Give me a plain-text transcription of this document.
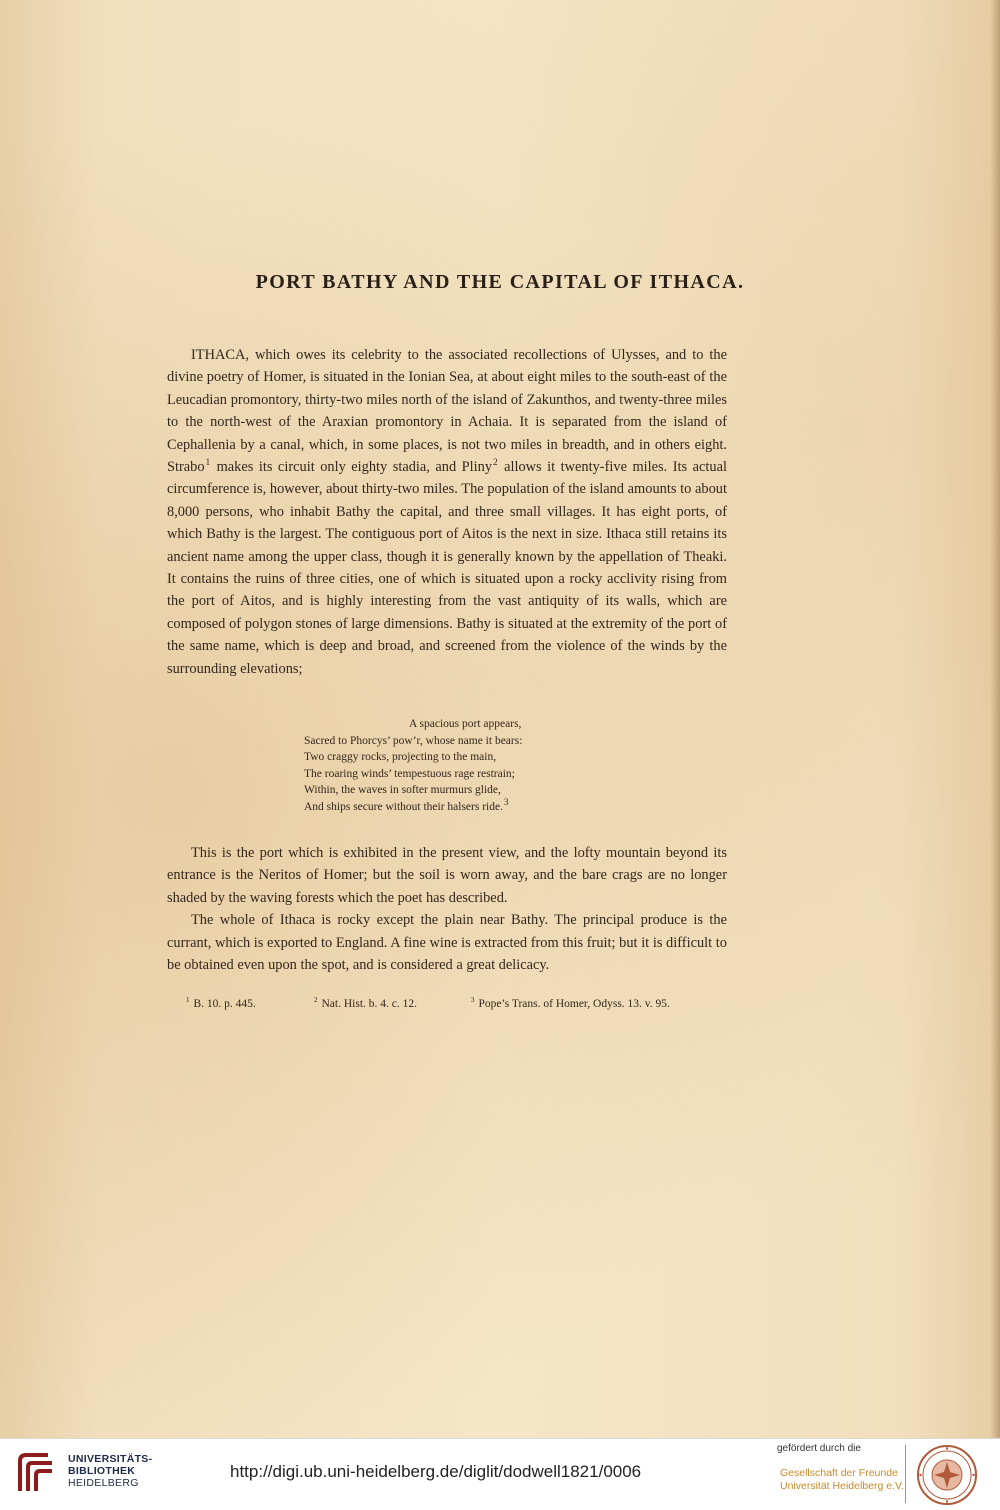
PORT BATHY AND THE CAPITAL OF ITHACA.

ITHACA, which owes its celebrity to the associated recollections of Ulysses, and to the divine poetry of Homer, is situated in the Ionian Sea, at about eight miles to the south-east of the Leucadian promontory, thirty-two miles north of the island of Zakunthos, and twenty-three miles to the north-west of the Araxian promontory in Achaia. It is separated from the island of Cephallenia by a canal, which, in some places, is not two miles in breadth, and in others eight. Strabo$^1$ makes its circuit only eighty stadia, and Pliny$^2$ allows it twenty-five miles. Its actual circumference is, however, about thirty-two miles. The population of the island amounts to about 8,000 persons, who inhabit Bathy the capital, and three small villages. It has eight ports, of which Bathy is the largest. The contiguous port of Aitos is the next in size. Ithaca still retains its ancient name among the upper class, though it is generally known by the appellation of Theaki. It contains the ruins of three cities, one of which is situated upon a rocky acclivity rising from the port of Aitos, and is highly interesting from the vast antiquity of its walls, which are composed of polygon stones of large dimensions. Bathy is situated at the extremity of the port of the same name, which is deep and broad, and screened from the violence of the winds by the surrounding elevations;

A spacious port appears,
Sacred to Phorcys’ pow’r, whose name it bears:
Two craggy rocks, projecting to the main,
The roaring winds’ tempestuous rage restrain;
Within, the waves in softer murmurs glide,
And ships secure without their halsers ride.$^3$

This is the port which is exhibited in the present view, and the lofty mountain beyond its entrance is the Neritos of Homer; but the soil is worn away, and the bare crags are no longer shaded by the waving forests which the poet has described.

The whole of Ithaca is rocky except the plain near Bathy. The principal produce is the currant, which is exported to England. A fine wine is extracted from this fruit; but it is difficult to be obtained even upon the spot, and is considered a great delicacy.

$^1$ B. 10. p. 445.	$^2$ Nat. Hist. b. 4. c. 12.	$^3$ Pope’s Trans. of Homer, Odyss. 13. v. 95.
UNIVERSITÄTS-
BIBLIOTHEK
HEIDELBERG
http://digi.ub.uni-heidelberg.de/diglit/dodwell1821/0006
gefördert durch die
Gesellschaft der Freunde
Universität Heidelberg e.V.
